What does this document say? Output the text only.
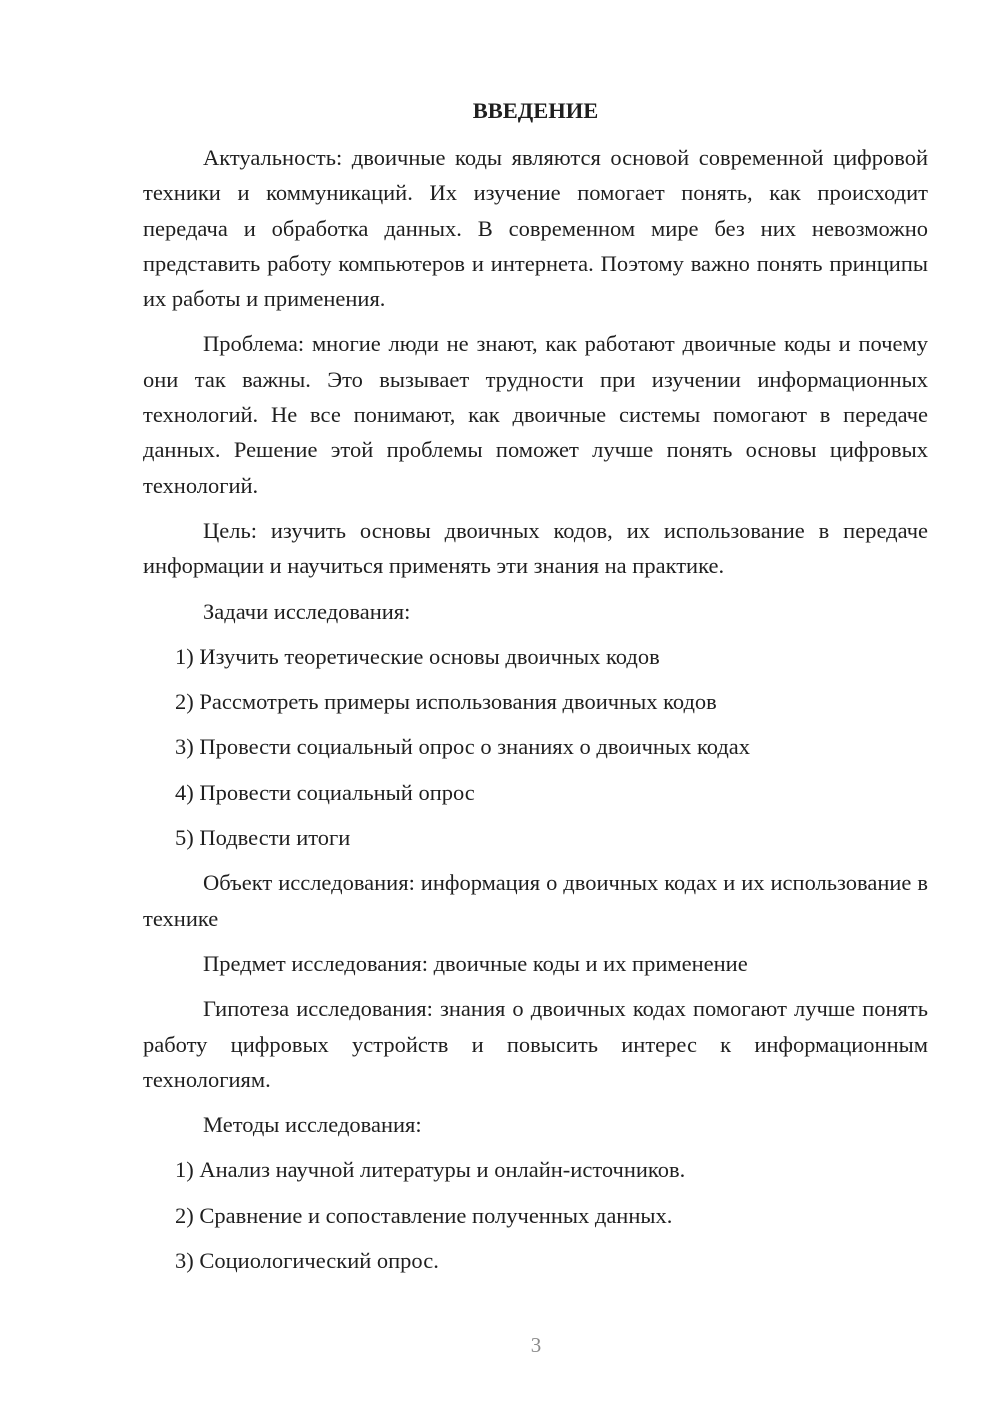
ВВЕДЕНИЕ

Актуальность: двоичные коды являются основой современной цифровой техники и коммуникаций. Их изучение помогает понять, как происходит передача и обработка данных. В современном мире без них невозможно представить работу компьютеров и интернета. Поэтому важно понять принципы их работы и применения.

Проблема: многие люди не знают, как работают двоичные коды и почему они так важны. Это вызывает трудности при изучении информационных технологий. Не все понимают, как двоичные системы помогают в передаче данных. Решение этой проблемы поможет лучше понять основы цифровых технологий.

Цель: изучить основы двоичных кодов, их использование в передаче информации и научиться применять эти знания на практике.

Задачи исследования:

1) Изучить теоретические основы двоичных кодов

2) Рассмотреть примеры использования двоичных кодов

3) Провести социальный опрос о знаниях о двоичных кодах

4) Провести социальный опрос

5) Подвести итоги

Объект исследования: информация о двоичных кодах и их использование в технике

Предмет исследования: двоичные коды и их применение

Гипотеза исследования: знания о двоичных кодах помогают лучше понять работу цифровых устройств и повысить интерес к информационным технологиям.

Методы исследования:

1) Анализ научной литературы и онлайн-источников.

2) Сравнение и сопоставление полученных данных.

3) Социологический опрос.

3
